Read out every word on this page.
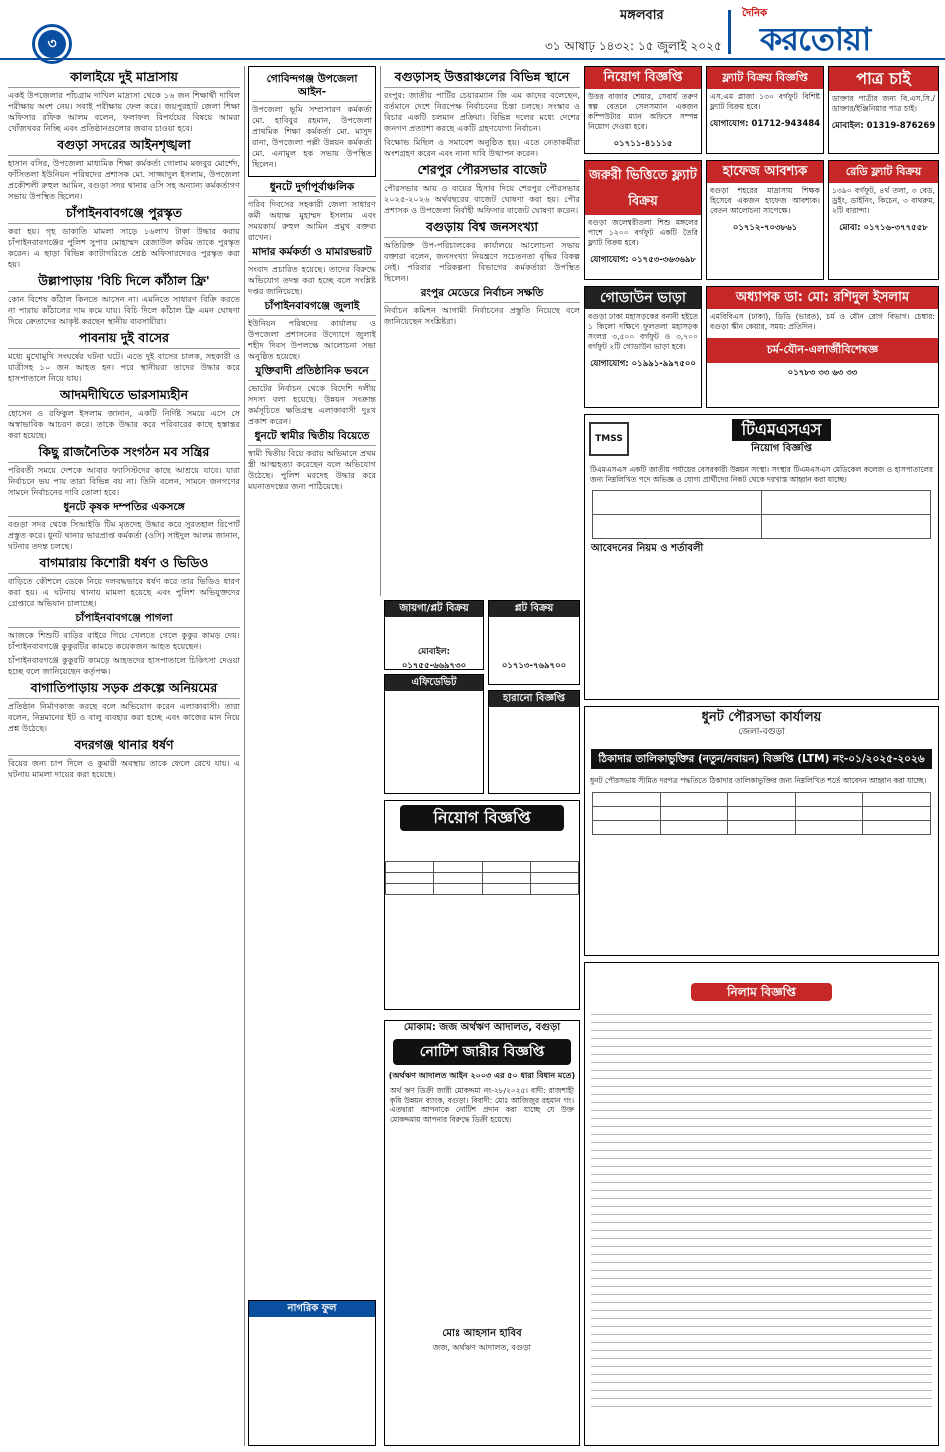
৩
মঙ্গলবার
৩১ আষাঢ় ১৪৩২: ১৫ জুলাই ২০২৫
দৈনিক
করতোয়া
কালাইয়ে দুই মাদ্রাসায়

একই উপজেলার পাঁচগ্রাম দাখিল মাদ্রাসা থেকে ১৬ জন শিক্ষার্থী দাখিল পরীক্ষায় অংশ নেয়। সবাই পরীক্ষায় ফেল করে। জয়পুরহাট জেলা শিক্ষা অফিসার রফিক আলম বলেন, ফলাফল বিপর্যয়ের বিষয়ে আমরা খোঁজখবর নিচ্ছি এবং প্রতিষ্ঠানগুলোর জবাব চাওয়া হবে।

বগুড়া সদরের আইনশৃঙ্খলা

হাসান বসির, উপজেলা মাধ্যমিক শিক্ষা কর্মকর্তা গোলাম মজবুর মোর্শেদ, ফাঁসিতলা ইউনিয়ন পরিষদের প্রশাসক মো. সাজ্জাদুল ইসলাম, উপজেলা প্রকৌশলী রুহুল আমিন, বগুড়া সদর থানার ওসি সহ অন্যান্য কর্মকর্তাগণ সভায় উপস্থিত ছিলেন।

চাঁপাইনবাবগঞ্জে পুরস্কৃত

করা হয়। গৃহ ডাকাতি মামলা সাড়ে ১৬লাখ টাকা উদ্ধার করায় চাঁপাইনবাবগঞ্জের পুলিশ সুপার মোহাম্মদ রেজাউল করিম তাকে পুরস্কৃত করেন। এ ছাড়া বিভিন্ন ক্যাটাগরিতে শ্রেষ্ঠ অফিসারদেরও পুরস্কৃত করা হয়।

উল্লাপাড়ায় 'বিচি দিলে কাঁঠাল ফ্রি'

কোন বিশেষ কাঁঠাল কিনতে আসেন না। এমনিতে সাধারণ বিক্রি করতে না পারায় কাঁঠালের দাম কমে যায়। বিচি দিলে কাঁঠাল ফ্রি এমন ঘোষণা দিয়ে ক্রেতাদের আকৃষ্ট করছেন স্থানীয় ব্যবসায়ীরা।

পাবনায় দুই বাসের

মধ্যে মুখোমুখি সংঘর্ষের ঘটনা ঘটে। এতে দুই বাসের চালক, সহকারী ও যাত্রীসহ ১০ জন আহত হন। পরে স্থানীয়রা তাদের উদ্ধার করে হাসপাতালে নিয়ে যায়।

আদমদীঘিতে ভারসাম্যহীন

হোসেন ও রফিকুল ইসলাম জানান, একটি নির্দিষ্ট সময়ে এসে সে অস্বাভাবিক আচরণ করে। তাকে উদ্ধার করে পরিবারের কাছে হস্তান্তর করা হয়েছে।

কিছু রাজনৈতিক সংগঠন মব সন্ত্রির

পরিবর্তী সময়ে দেশকে আবার ফ্যাসিস্টদের কাছে আশ্রয়ে যাবে। যারা নির্বাচনে ভয় পায় তারা বিভিন্ন বয় না। তিনি বলেন, সামনে জনগণের সামনে নির্বাচনের দাবি তোলা হবে।

ধুনটে কৃষক দম্পতির একসঙ্গে

বগুড়া সদর থেকে সিআইডি টিম মৃতদেহ উদ্ধার করে সুরতহাল রিপোর্ট প্রস্তুত করে। ধুনট থানার ভারপ্রাপ্ত কর্মকর্তা (ওসি) সাইদুল আলম জানান, ঘটনার তদন্ত চলছে।

বাগমারায় কিশোরী ধর্ষণ ও ভিডিও

বাড়িতে কৌশলে ডেকে নিয়ে দলবদ্ধভাবে ধর্ষণ করে তার ভিডিও ধারণ করা হয়। এ ঘটনায় থানায় মামলা হয়েছে এবং পুলিশ অভিযুক্তদের গ্রেপ্তারে অভিযান চালাচ্ছে।

চাঁপাইনবাবগঞ্জে পাগলা

আজকে শিশুটি বাড়ির বাইরে গিয়ে খেলতে গেলে কুকুর কামড় দেয়। চাঁপাইনবাবগঞ্জে কুকুরটির কামড়ে কয়েকজন আহত হয়েছেন।

চাঁপাইনবাবগঞ্জে কুকুরটি কামড়ে আহতদের হাসপাতালে চিকিৎসা দেওয়া হচ্ছে বলে জানিয়েছেন কর্তৃপক্ষ।

বাগাতিপাড়ায় সড়ক প্রকল্পে অনিয়মের

প্রতিষ্ঠান নির্মাণকাজ করছে বলে অভিযোগ করেন এলাকাবাসী। তারা বলেন, নিম্নমানের ইট ও বালু ব্যবহার করা হচ্ছে এবং কাজের মান নিয়ে প্রশ্ন উঠেছে।

বদরগঞ্জ থানার ধর্ষণ

বিয়ের জন্য চাপ দিলে ও কুমারী অবস্থায় তাকে ফেলে রেখে যায়। এ ঘটনায় মামলা দায়ের করা হয়েছে।

গোবিন্দগঞ্জ উপজেলা আইন-

উপজেলা ভূমি সম্প্রসারণ কর্মকর্তা মো. হাবিবুর রহমান, উপজেলা প্রাথমিক শিক্ষা কর্মকর্তা মো. মাসুদ রানা, উপজেলা পল্লী উন্নয়ন কর্মকর্তা মো. এনামুল হক সভায় উপস্থিত ছিলেন।

ধুনটে দুর্গাপূর্বাঞ্চলিক

গরিব দিবসের সহকারী জেলা সাধারণ কর্মী অধ্যক্ষ মুহাম্মদ ইসলাম এবং সময়কার্য রুহুল আমিন প্রমুখ বক্তব্য রাখেন।

মাদার কর্মকর্তা ও মামারভরাট

সংবাদ প্রচারিত হয়েছে। তাদের বিরুদ্ধে অভিযোগ তদন্ত করা হচ্ছে বলে সংশ্লিষ্ট দপ্তর জানিয়েছে।

চাঁপাইনবাবগঞ্জে জুলাই

ইউনিয়ন পরিষদের কার্যালয় ও উপজেলা প্রশাসনের উদ্যোগে জুলাই শহীদ দিবস উপলক্ষে আলোচনা সভা অনুষ্ঠিত হয়েছে।

যুক্তিবাদী প্রতিষ্ঠানিক ভবনে

ভোটের নির্বাচন থেকে বিদেশি দলীয় সদস্য বলা হয়েছে। উন্নয়ন সংক্রান্ত কর্মসূচিতে ক্ষতিগ্রস্থ এলাকাবাসী দুঃখ প্রকাশ করেন।

ধুনটে স্বামীর দ্বিতীয় বিয়েতে

স্বামী দ্বিতীয় বিয়ে করায় অভিমানে প্রথম স্ত্রী আত্মহত্যা করেছেন বলে অভিযোগ উঠেছে। পুলিশ মরদেহ উদ্ধার করে ময়নাতদন্তের জন্য পাঠিয়েছে।

বগুড়াসহ উত্তরাঞ্চলের বিভিন্ন স্থানে

রংপুর: জাতীয় পার্টির চেয়ারম্যান জি এম কাদের বলেছেন, বর্তমানে দেশে নিরপেক্ষ নির্বাচনের চিন্তা চলছে। সংস্কার ও বিচার একটি চলমান প্রক্রিয়া। বিভিন্ন দলের মধ্যে দেশের জনগণ প্রত্যাশা করছে একটি গ্রহণযোগ্য নির্বাচন।

বিক্ষোভ মিছিল ও সমাবেশ অনুষ্ঠিত হয়। এতে নেতাকর্মীরা অংশগ্রহণ করেন এবং নানা দাবি উত্থাপন করেন।

শেরপুর পৌরসভার বাজেট

পৌরসভার আয় ও ব্যয়ের হিসাব দিয়ে শেরপুর পৌরসভার ২০২৫-২০২৬ অর্থবছরের বাজেট ঘোষণা করা হয়। পৌর প্রশাসক ও উপজেলা নির্বাহী অফিসার বাজেট ঘোষণা করেন।

বগুড়ায় বিশ্ব জনসংখ্যা

অতিরিক্ত উপ-পরিচালকের কার্যালয়ে আলোচনা সভায় বক্তারা বলেন, জনসংখ্যা নিয়ন্ত্রণে সচেতনতা বৃদ্ধির বিকল্প নেই। পরিবার পরিকল্পনা বিভাগের কর্মকর্তারা উপস্থিত ছিলেন।

রংপুর মেডেরে নির্বাচন সক্ষতি

নির্বাচন কমিশন আগামী নির্বাচনের প্রস্তুতি নিয়েছে বলে জানিয়েছেন সংশ্লিষ্টরা।

জায়গা/প্লট বিক্রয়
মোবাইল: ০১৭৫৫-৬৬৯৭৩০
প্লট বিক্রয়
০১৭১৩-৭৬৯৭০০
এফিডেভিট
হারানো বিজ্ঞপ্তি
নিয়োগ বিজ্ঞপ্তি

মোকাম: জজ অর্থঋণ আদালত, বগুড়া
নোটিশ জারীর বিজ্ঞপ্তি
(অর্থঋণ আদালত আইন ২০০৩ এর ৫০ ধারা বিধান মতে)
অর্থ ঋণ ডিক্রী জারী মোকদ্দমা নং-২৮/২০২৫। বাদী: রাজশাহী কৃষি উন্নয়ন ব্যাংক, বগুড়া। বিবাদী: মোঃ আজিজুর রহমান গং। এতদ্বারা আপনাকে নোটিশ প্রদান করা যাচ্ছে যে উক্ত মোকদ্দমায় আপনার বিরুদ্ধে ডিক্রী হয়েছে।
মোঃ আহসান হাবিব
জজ, অর্থঋণ আদালত, বগুড়া
নাগরিক ফুল
নিয়োগ বিজ্ঞপ্তি
উত্তর বাজার শেয়ার, সেবার্য তরুণ স্বল্প বেতনে সেলসম্যান একজন কম্পিউটার ম্যান অফিসে সম্পন্ন নিয়োগ দেওয়া হবে।
০১৭১১-৪১১১৫
ফ্ল্যাট বিক্রয় বিজ্ঞপ্তি
এস.এম প্লাজা ১৩০ বর্গফুট বিশিষ্ট ফ্ল্যাট বিক্রয় হবে।
যোগাযোগ: 01712-943484
পাত্র চাই
ডাক্তার পাত্রীর জন্য বি.এস.সি./ডাক্তার/ইঞ্জিনিয়ার পাত্র চাই।
মোবাইল: 01319-876269
জরুরী ভিত্তিতে ফ্ল্যাট বিক্রয়
বগুড়া জলেশ্বরীতলা শিশু মঙ্গলের পাশে ১২০০ বর্গফুট একটি তৈরি ফ্ল্যাট বিক্রয় হবে।
যোগাযোগ: ০১৭৫৩-৩৬৩৬৯৮
হাফেজ আবশ্যক
বগুড়া শহরের মাদ্রাসায় শিক্ষক হিসেবে একজন হাফেজ আবশ্যক। বেতন আলোচনা সাপেক্ষে।
০১৭১২-৭০৩৮৬১
রেডি ফ্ল্যাট বিক্রয়
১৩৯০ বর্গফুট, ৪র্থ তলা, ৩ বেড, ড্রইং, ডাইনিং, কিচেন, ৩ বাথরুম, ২টি বারান্দা।
মোবা: ০১৭১৬-৩৭৭৫৫৮
গোডাউন ভাড়া
বগুড়া ঢাকা মহাসড়কের বনানী হইতে ১ কিলো দক্ষিণে ফুলতলা মহাসড়ক সংলগ্ন ৩,৫০০ বর্গফুট ও ৩,৭০০ বর্গফুট ২টি গোডাউন ভাড়া হবে।
যোগাযোগ: ০১৯৯১-৯৯৭৫০০
অধ্যাপক ডা: মো: রশিদুল ইসলাম
এমবিবিএস (ঢাকা), ডিডি (ভারত), চর্ম ও যৌন রোগ বিভাগ। চেম্বার: বগুড়া স্কীন কেয়ার, সময়: প্রতিদিন।
চর্ম-যৌন-এলার্জীবিশেষজ্ঞ
০১৭৮৩ ৩৩ ৬৩ ৩৩
TMSS	টিএমএসএস
নিয়োগ বিজ্ঞপ্তি
টিএমএসএস একটি জাতীয় পর্যায়ের বেসরকারী উন্নয়ন সংস্থা। সংস্থার টিএমএসএস মেডিকেল কলেজ ও হাসপাতালের জন্য নিম্নলিখিত পদে অভিজ্ঞ ও যোগ্য প্রার্থীদের নিকট থেকে দরখাস্ত আহ্বান করা যাচ্ছে।

আবেদনের নিয়ম ও শর্তাবলী
ধুনট পৌরসভা কার্যালয়
জেলা-বগুড়া
ঠিকাদার তালিকাভুক্তির (নতুন/নবায়ন) বিজ্ঞপ্তি (LTM) নং-০১/২০২৫-২০২৬
ধুনট পৌরসভায় সীমিত দরপত্র পদ্ধতিতে ঠিকাদার তালিকাভুক্তির জন্য নিম্নলিখিত শর্তে আবেদন আহ্বান করা যাচ্ছে।

নিলাম বিজ্ঞপ্তি
